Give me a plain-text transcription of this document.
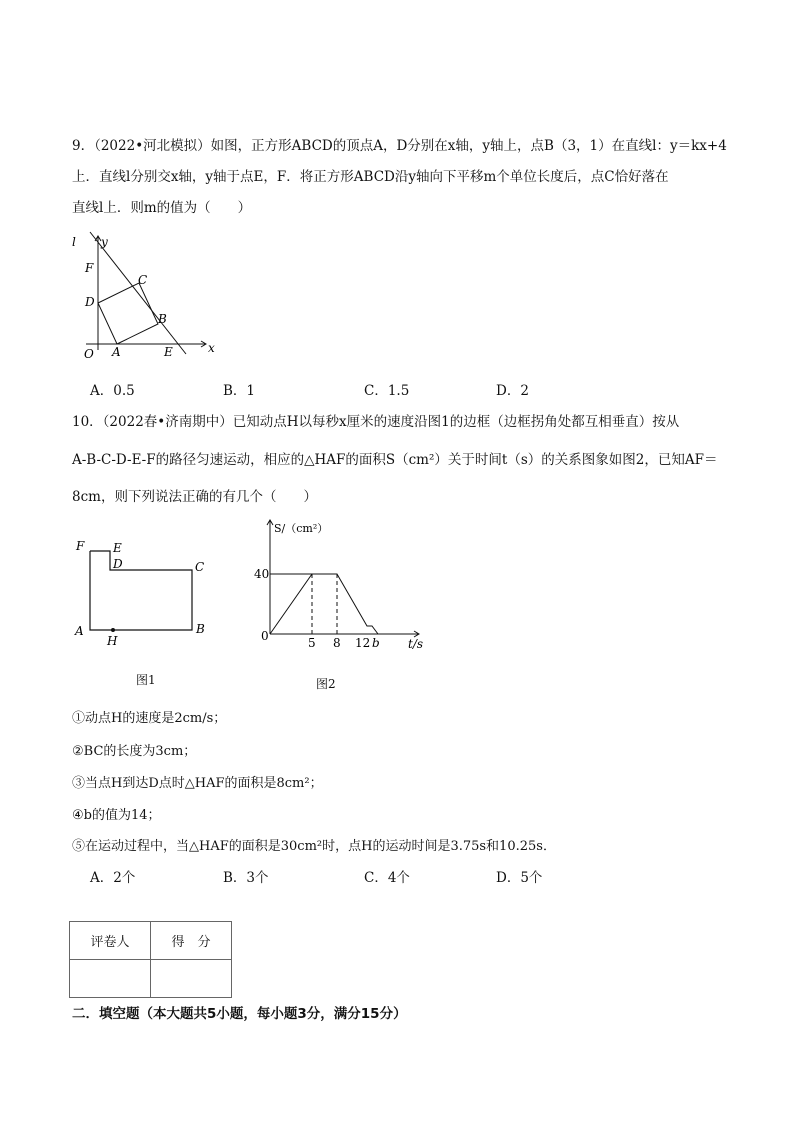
9．（2022•河北模拟）如图，正方形ABCD的顶点A，D分别在x轴，y轴上，点B（3，1）在直线l：y＝kx+4
上．直线l分别交x轴，y轴于点E，F．将正方形ABCD沿y轴向下平移m个单位长度后，点C恰好落在
直线l上．则m的值为（　　）
l y
F
C
D
B
O A	E	x
A．0.5	B．1	C．1.5	D．2
10．（2022春•济南期中）已知动点H以每秒x厘米的速度沿图1的边框（边框拐角处都互相垂直）按从
A-B-C-D-E-F的路径匀速运动，相应的△HAF的面积S（cm²）关于时间t（s）的关系图象如图2，已知AF＝
8cm，则下列说法正确的有几个（　　）
F E
D	C
A
H
B
图1
S/（cm²）
40
0	5 8 12 b t/s
图2
①动点H的速度是2cm/s；
②BC的长度为3cm；
③当点H到达D点时△HAF的面积是8cm²；
④b的值为14；
⑤在运动过程中，当△HAF的面积是30cm²时，点H的运动时间是3.75s和10.25s．
A．2个	B．3个	C．4个	D．5个
评卷人	得　分

二．填空题（本大题共5小题，每小题3分，满分15分）
